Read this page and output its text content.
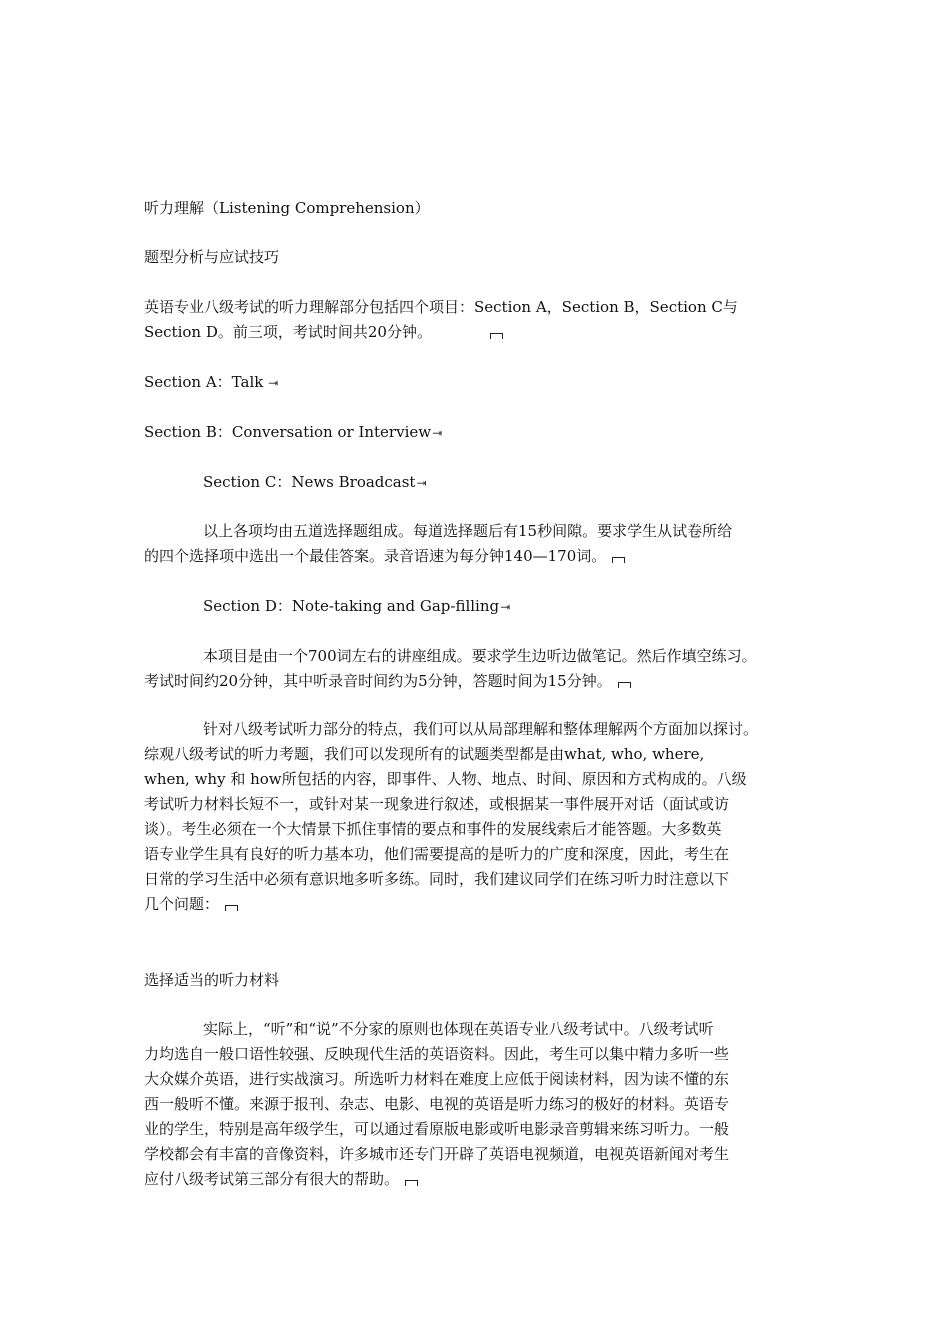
听力理解（Listening Comprehension）
题型分析与应试技巧
英语专业八级考试的听力理解部分包括四个项目：Section A，Section B，Section C与
Section D。前三项，考试时间共20分钟。
Section A：Talk ⇥
Section B：Conversation or Interview⇥
Section C：News Broadcast⇥
以上各项均由五道选择题组成。每道选择题后有15秒间隙。要求学生从试卷所给
的四个选择项中选出一个最佳答案。录音语速为每分钟140—170词。
Section D：Note-taking and Gap-filling⇥
本项目是由一个700词左右的讲座组成。要求学生边听边做笔记。然后作填空练习。
考试时间约20分钟，其中听录音时间约为5分钟，答题时间为15分钟。
针对八级考试听力部分的特点，我们可以从局部理解和整体理解两个方面加以探讨。
综观八级考试的听力考题，我们可以发现所有的试题类型都是由what, who, where,
when, why 和 how所包括的内容，即事件、人物、地点、时间、原因和方式构成的。八级
考试听力材料长短不一，或针对某一现象进行叙述，或根据某一事件展开对话（面试或访
谈）。考生必须在一个大情景下抓住事情的要点和事件的发展线索后才能答题。大多数英
语专业学生具有良好的听力基本功，他们需要提高的是听力的广度和深度，因此，考生在
日常的学习生活中必须有意识地多听多练。同时，我们建议同学们在练习听力时注意以下
几个问题：
选择适当的听力材料
实际上，“听”和“说”不分家的原则也体现在英语专业八级考试中。八级考试听
力均选自一般口语性较强、反映现代生活的英语资料。因此，考生可以集中精力多听一些
大众媒介英语，进行实战演习。所选听力材料在难度上应低于阅读材料，因为读不懂的东
西一般听不懂。来源于报刊、杂志、电影、电视的英语是听力练习的极好的材料。英语专
业的学生，特别是高年级学生，可以通过看原版电影或听电影录音剪辑来练习听力。一般
学校都会有丰富的音像资料，许多城市还专门开辟了英语电视频道，电视英语新闻对考生
应付八级考试第三部分有很大的帮助。
